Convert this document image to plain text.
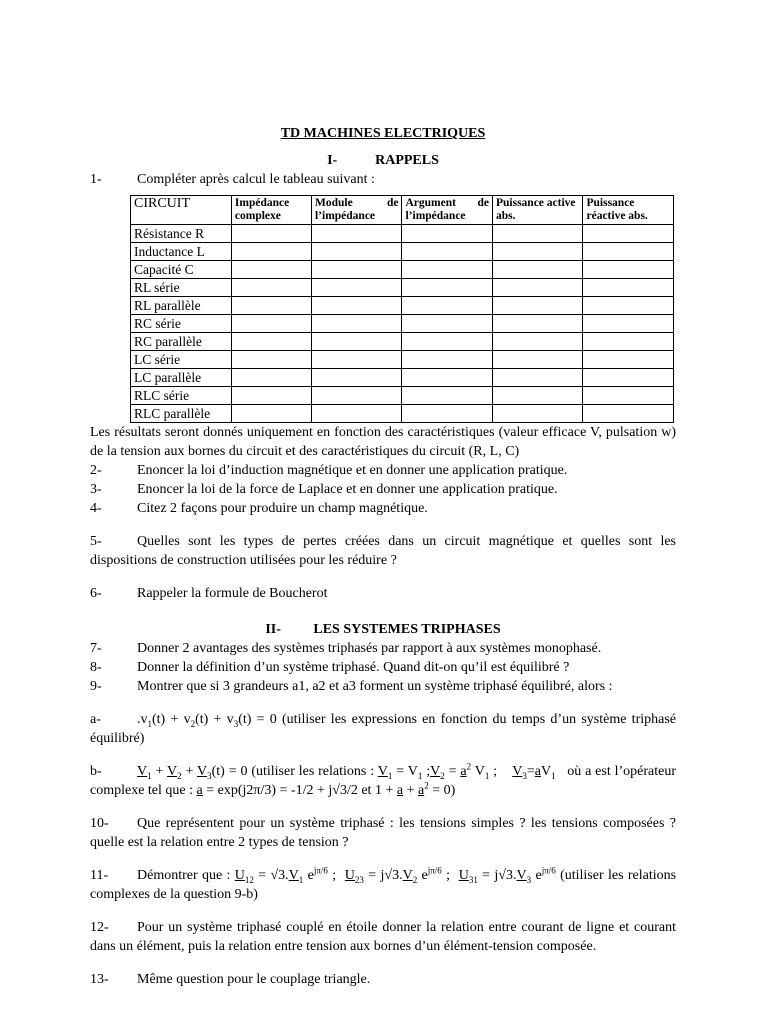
TD MACHINES ELECTRIQUES
I-	RAPPELS
1-	Compléter après calcul le tableau suivant :
CIRCUIT	Impédance complexe	Module de l’impédance	Argument de l’impédance	Puissance active abs.	Puissance réactive abs.
Résistance R					
Inductance L					
Capacité C					
RL série					
RL parallèle					
RC série					
RC parallèle					
LC série					
LC parallèle					
RLC série					
RLC parallèle					

Les résultats seront donnés uniquement en fonction des caractéristiques (valeur efficace V, pulsation w) de la tension aux bornes du circuit et des caractéristiques du circuit (R, L, C)

2-	Enoncer la loi d’induction magnétique et en donner une application pratique.
3-	Enoncer la loi de la force de Laplace et en donner une application pratique.
4-	Citez 2 façons pour produire un champ magnétique.

5-	Quelles sont les types de pertes créées dans un circuit magnétique et quelles sont les dispositions de construction utilisées pour les réduire ?

6-	Rappeler la formule de Boucherot
II- LES SYSTEMES TRIPHASES
7-	Donner 2 avantages des systèmes triphasés par rapport à aux systèmes monophasé.
8-	Donner la définition d’un système triphasé. Quand dit-on qu’il est équilibré ?
9-	Montrer que si 3 grandeurs a1, a2 et a3 forment un système triphasé équilibré, alors :

a-	$.v_1(t) + v_2(t) + v_3(t) = 0$ (utiliser les expressions en fonction du temps d’un système triphasé équilibré)

b-	$V_1 + V_2 + V_3(t) = 0$ (utiliser les relations : $V_1 = V_1$ $;V_2 = a^2$ $V_1$ ;    $V_3=aV_1$ où a est l’opérateur complexe tel que : a = exp(j2π/3) = -1/2 + j√3/2 et $1 + a + a^2 = 0$)

10- Que représentent pour un système triphasé : les tensions simples ? les tensions composées ? quelle est la relation entre 2 types de tension ?

11- Démontrer que : $U_{12} = √3.V_1$ $e^{j\pi/6}$ ;  $U_{23} = j√3.V_2$ $e^{j\pi/6}$ ;  $U_{31} = j√3.V_3$ $e^{j\pi/6}$ (utiliser les relations complexes de la question 9-b)

12- Pour un système triphasé couplé en étoile donner la relation entre courant de ligne et courant dans un élément, puis la relation entre tension aux bornes d’un élément-tension composée.

13-	Même question pour le couplage triangle.
